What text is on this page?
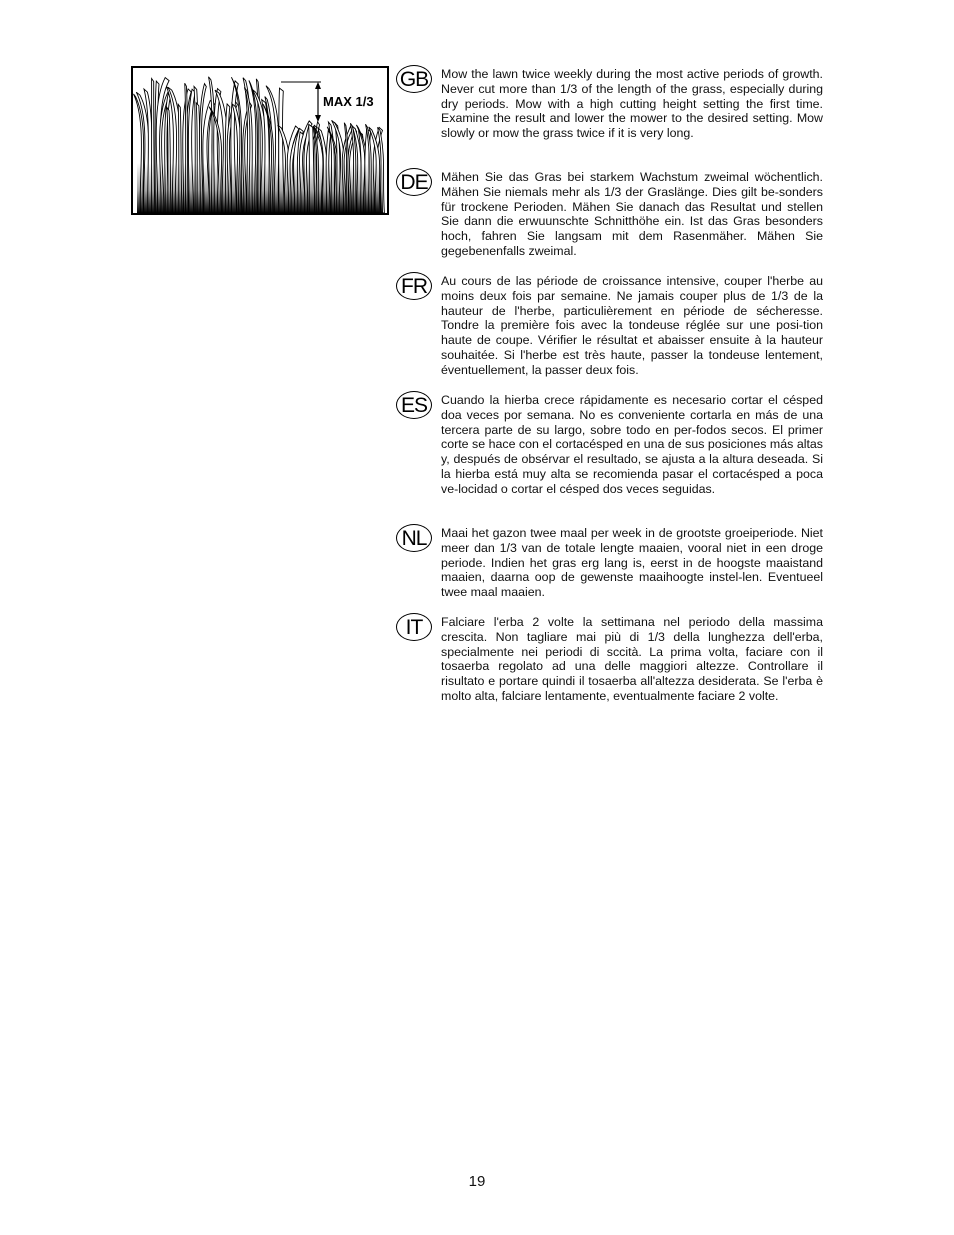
MAX 1/3
GB	Mow the lawn twice weekly during the most active periods of growth. Never cut more than 1/3 of the length of the grass, especially during dry periods. Mow with a high cutting height setting the first time. Examine the result and lower the mower to the desired setting. Mow slowly or mow the grass twice if it is very long.

DE	Mähen Sie das Gras bei starkem Wachstum zweimal wöchentlich. Mähen Sie niemals mehr als 1/3 der Graslänge. Dies gilt be-sonders für trockene Perioden. Mähen Sie danach das Resultat und stellen Sie dann die erwuunschte Schnitthöhe ein. Ist das Gras besonders hoch, fahren Sie langsam mit dem Rasenmäher. Mähen Sie gegebenenfalls zweimal.

FR	Au cours de las période de croissance intensive, couper l'herbe au moins deux fois par semaine. Ne jamais couper plus de 1/3 de la hauteur de l'herbe, particulièrement en période de sécheresse. Tondre la première fois avec la tondeuse réglée sur une posi-tion haute de coupe. Vérifier le résultat et abaisser ensuite à la hauteur souhaitée. Si l'herbe est très haute, passer la tondeuse lentement, éventuellement, la passer deux fois.

ES	Cuando la hierba crece rápidamente es necesario cortar el césped doa veces por semana. No es conveniente cortarla en más de una tercera parte de su largo, sobre todo en per-fodos secos. El primer corte se hace con el cortacésped en una de sus posiciones más altas y, después de obsérvar el resultado, se ajusta a la altura deseada. Si la hierba está muy alta se recomienda pasar el cortacésped a poca ve-locidad o cortar el césped dos veces seguidas.

NL	Maai het gazon twee maal per week in de grootste groeiperiode. Niet meer dan 1/3 van de totale lengte maaien, vooral niet in een droge periode. Indien het gras erg lang is, eerst in de hoogste maaistand maaien, daarna oop de gewenste maaihoogte instel-len. Eventueel twee maal maaien.

IT	Falciare l'erba 2 volte la settimana nel periodo della massima crescita. Non tagliare mai più di 1/3 della lunghezza dell'erba, specialmente nei periodi di sccità. La prima volta, faciare con il tosaerba regolato ad una delle maggiori altezze. Controllare il risultato e portare quindi il tosaerba all'altezza desiderata. Se l'erba è molto alta, falciare lentamente, eventualmente faciare 2 volte.

19
